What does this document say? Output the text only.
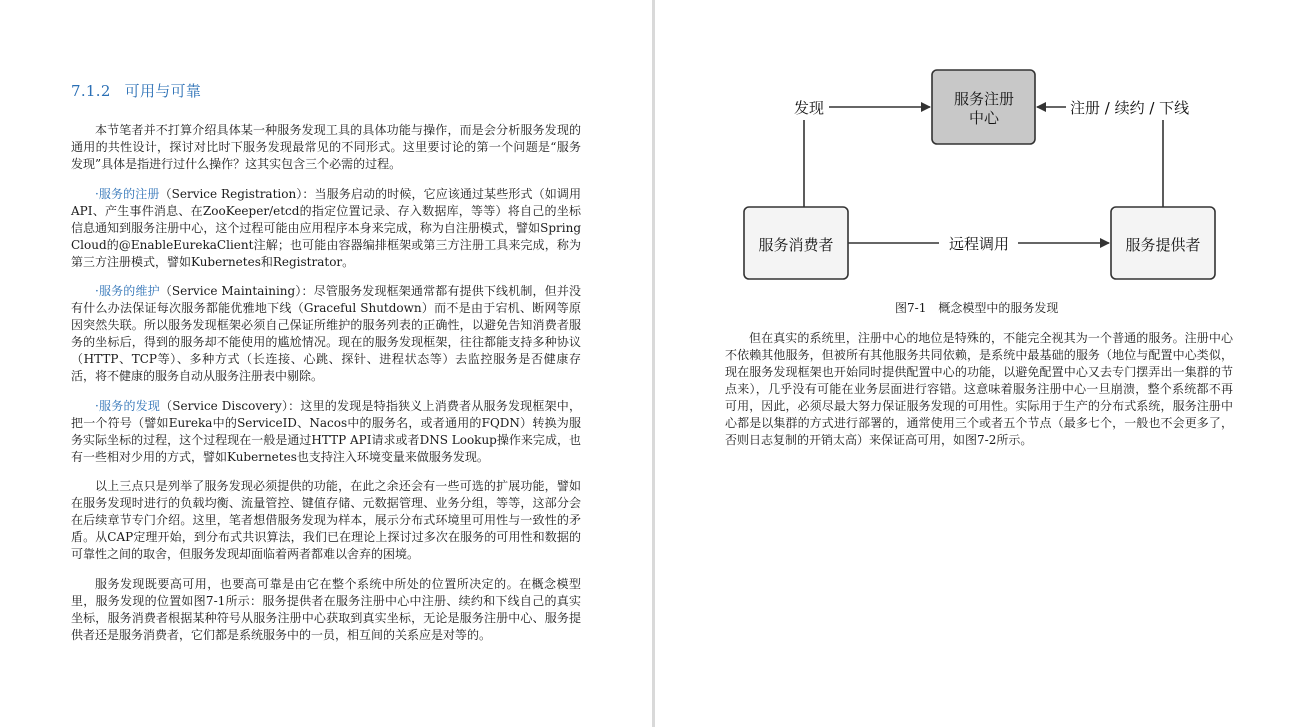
7.1.2 可用与可靠

本节笔者并不打算介绍具体某一种服务发现工具的具体功能与操作，而是会分析服务发现的通用的共性设计，探讨对比时下服务发现最常见的不同形式。这里要讨论的第一个问题是“服务发现”具体是指进行过什么操作？这其实包含三个必需的过程。

·服务的注册（Service Registration）：当服务启动的时候，它应该通过某些形式（如调用API、产生事件消息、在ZooKeeper/etcd的指定位置记录、存入数据库，等等）将自己的坐标信息通知到服务注册中心，这个过程可能由应用程序本身来完成，称为自注册模式，譬如Spring Cloud的@EnableEurekaClient注解；也可能由容器编排框架或第三方注册工具来完成，称为第三方注册模式，譬如Kubernetes和Registrator。

·服务的维护（Service Maintaining）：尽管服务发现框架通常都有提供下线机制，但并没有什么办法保证每次服务都能优雅地下线（Graceful Shutdown）而不是由于宕机、断网等原因突然失联。所以服务发现框架必须自己保证所维护的服务列表的正确性，以避免告知消费者服务的坐标后，得到的服务却不能使用的尴尬情况。现在的服务发现框架，往往都能支持多种协议（HTTP、TCP等）、多种方式（长连接、心跳、探针、进程状态等）去监控服务是否健康存活，将不健康的服务自动从服务注册表中剔除。

·服务的发现（Service Discovery）：这里的发现是特指狭义上消费者从服务发现框架中，把一个符号（譬如Eureka中的ServiceID、Nacos中的服务名，或者通用的FQDN）转换为服务实际坐标的过程，这个过程现在一般是通过HTTP API请求或者DNS Lookup操作来完成，也有一些相对少用的方式，譬如Kubernetes也支持注入环境变量来做服务发现。

以上三点只是列举了服务发现必须提供的功能，在此之余还会有一些可选的扩展功能，譬如在服务发现时进行的负载均衡、流量管控、键值存储、元数据管理、业务分组，等等，这部分会在后续章节专门介绍。这里，笔者想借服务发现为样本，展示分布式环境里可用性与一致性的矛盾。从CAP定理开始，到分布式共识算法，我们已在理论上探讨过多次在服务的可用性和数据的可靠性之间的取舍，但服务发现却面临着两者都难以舍弃的困境。

服务发现既要高可用，也要高可靠是由它在整个系统中所处的位置所决定的。在概念模型里，服务发现的位置如图7-1所示：服务提供者在服务注册中心中注册、续约和下线自己的真实坐标，服务消费者根据某种符号从服务注册中心获取到真实坐标，无论是服务注册中心、服务提供者还是服务消费者，它们都是系统服务中的一员，相互间的关系应是对等的。

服务注册
中心
服务消费者	服务提供者
发现	注册 / 续约 / 下线
远程调用
图7-1　概念模型中的服务发现

但在真实的系统里，注册中心的地位是特殊的，不能完全视其为一个普通的服务。注册中心不依赖其他服务，但被所有其他服务共同依赖，是系统中最基础的服务（地位与配置中心类似，现在服务发现框架也开始同时提供配置中心的功能，以避免配置中心又去专门摆弄出一集群的节点来），几乎没有可能在业务层面进行容错。这意味着服务注册中心一旦崩溃，整个系统都不再可用，因此，必须尽最大努力保证服务发现的可用性。实际用于生产的分布式系统，服务注册中心都是以集群的方式进行部署的，通常使用三个或者五个节点（最多七个，一般也不会更多了，否则日志复制的开销太高）来保证高可用，如图7-2所示。
